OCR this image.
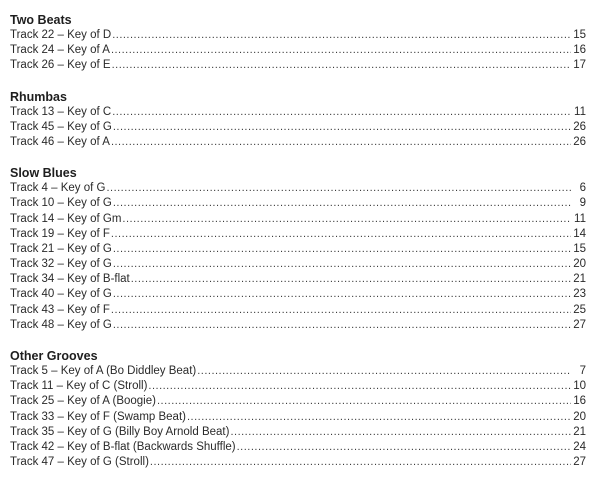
Two Beats
Track 22 – Key of D .....	15
Track 24 – Key of A .....	16
Track 26 – Key of E .....	17
Rhumbas
Track 13 – Key of C .....	11
Track 45 – Key of G .....	26
Track 46 – Key of A .....	26
Slow Blues
Track 4 – Key of G .....	6
Track 10 – Key of G .....	9
Track 14 – Key of Gm .....	11
Track 19 – Key of F .....	14
Track 21 – Key of G .....	15
Track 32 – Key of G .....	20
Track 34 – Key of B-flat .....	21
Track 40 – Key of G .....	23
Track 43 – Key of F .....	25
Track 48 – Key of G .....	27
Other Grooves
Track 5 – Key of A (Bo Diddley Beat) .....	7
Track 11 – Key of C (Stroll) .....	10
Track 25 – Key of A (Boogie) .....	16
Track 33 – Key of F (Swamp Beat) .....	20
Track 35 – Key of G (Billy Boy Arnold Beat) .....	21
Track 42 – Key of B-flat (Backwards Shuffle) .....	24
Track 47 – Key of G (Stroll) .....	27
